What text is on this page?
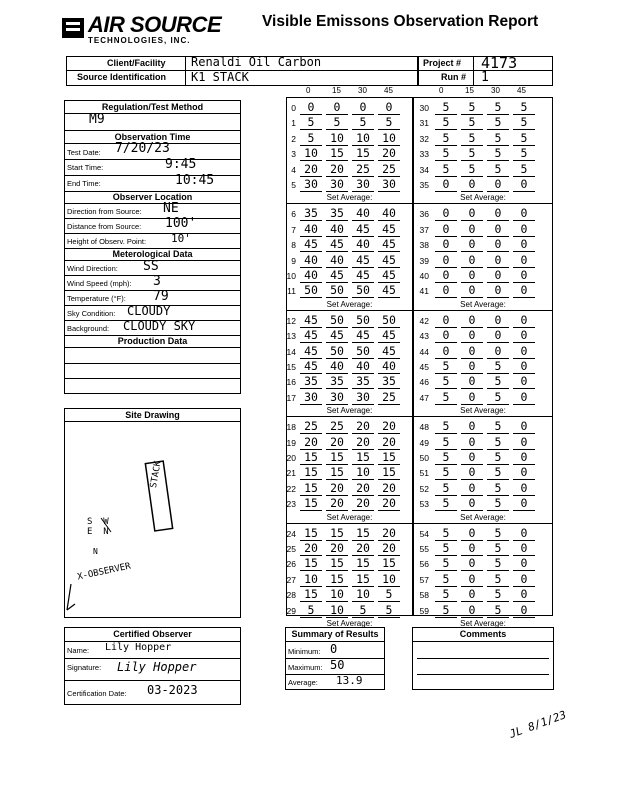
AIR SOURCE
TECHNOLOGIES, INC.
Visible Emissons Observation Report
Client/Facility
Source Identification
Renaldi Oil Carbon
K1 STACK
Project #
Run #
4173
1
Regulation/Test Method
M9
Observation Time
Test Date: 7/20/23
Start Time:	9:45
End Time:	10:45
Observer Location
Direction from Source: NE
Distance from Source: 100'
Height of Observ. Point: 10'
Meterological Data
Wind Direction: SS
Wind Speed (mph): 3
Temperature (°F): 79
Sky Condition: CLOUDY
Background: CLOUDY SKY
Production Data
Site Drawing
STACK
S  W
E  N
N
X-OBSERVER
0	15 30 45
0	0	0	0	0
1	5	5	5	5
2	5	10	10	10
3 10	15	15	20
4 20	20	25	25
5 30	30	30	30
Set Average:
6 35	35	40	40
7 40	40	45	45
8 45	45	40	45
9 40	40	45	45
10 40	45	45	45
11 50	50	50	45
Set Average:
12 45	50	50	50
13 45	45	45	45
14 45	50	50	45
15 45	40	40	40
16 35	35	35	35
17 30	30	30	25
Set Average:
18 25	25	20	20
19 20	20	20	20
20 15	15	15	15
21 15	15	10	15
22 15	20	20	20
23 15	20	20	20
Set Average:
24 15	15	15	20
25 20	20	20	20
26 15	15	15	15
27 10	15	15	10
28 15	10	10	5
29	5	10	5	5
Set Average:
0	15 30 45
30	5	5	5	5
31	5	5	5	5
32	5	5	5	5
33	5	5	5	5
34	5	5	5	5
35	0	0	0	0
Set Average:
36	0	0	0	0
37	0	0	0	0
38	0	0	0	0
39	0	0	0	0
40	0	0	0	0
41	0	0	0	0
Set Average:
42	0	0	0	0
43	0	0	0	0
44	0	0	0	0
45	5	0	5	0
46	5	0	5	0
47	5	0	5	0
Set Average:
48	5	0	5	0
49	5	0	5	0
50	5	0	5	0
51	5	0	5	0
52	5	0	5	0
53	5	0	5	0
Set Average:
54	5	0	5	0
55	5	0	5	0
56	5	0	5	0
57	5	0	5	0
58	5	0	5	0
59	5	0	5	0
Set Average:
Certified Observer
Name: Lily Hopper
Signature: Lily Hopper
Certification Date: 03-2023
Summary of Results
Minimum: 0
Maximum: 50
Average: 13.9
Comments
JL 8/1/23
